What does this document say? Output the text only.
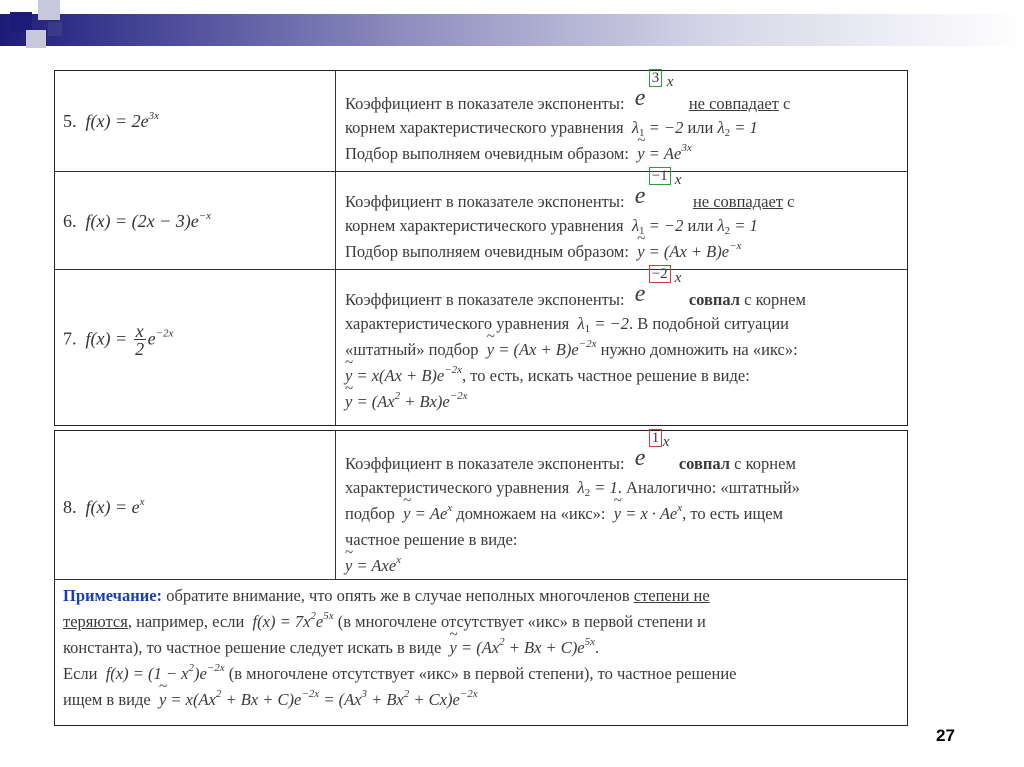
5. $f(x) = 2e^{3x}$
Коэффициент в показателе экспоненты: e
3 x
не совпадает с
корнем характеристического уравнения $\lambda_1 = -2$ или $\lambda_2 = 1$
Подбор выполняем очевидным образом: ~ $y = Ae^{3x}$
6. $f(x) = (2x - 3)e^{-x}$
Коэффициент в показателе экспоненты: e
−1 x
не совпадает с
корнем характеристического уравнения $\lambda_1 = -2$ или $\lambda_2 = 1$
Подбор выполняем очевидным образом: ~ $y = (Ax + B)e^{-x}$
7. $f(x) = \frac{x}{2} e^{-2x}$
Коэффициент в показателе экспоненты: e
−2 x
совпал с корнем
характеристического уравнения $\lambda_1 = -2$. В подобной ситуации
«штатный» подбор ~ $y = (Ax + B)e^{-2x}$ нужно домножить на «икс»:
~ $y = x(Ax + B)e^{-2x}$, то есть, искать частное решение в виде:
~ $y = (Ax^2 + Bx)e^{-2x}$
8. $f(x) = e^x$
Коэффициент в показателе экспоненты: e
1 x
совпал с корнем
характеристического уравнения $\lambda_2 = 1$. Аналогично: «штатный»
подбор ~ $y = Ae^x$ домножаем на «икс»: ~ $y = x \cdot Ae^x$, то есть ищем
частное решение в виде:
~ y = Axe$^x$
Примечание: обратите внимание, что опять же в случае неполных многочленов степени не
теряются, например, если $f(x) = 7x^2e^{5x}$ (в многочлене отсутствует «икс» в первой степени и
константа), то частное решение следует искать в виде ~ $y = (Ax^2 + Bx + C)e^{5x}$.
Если $f(x) = (1 - x^2)e^{-2x}$ (в многочлене отсутствует «икс» в первой степени), то частное решение
ищем в виде ~ $y = x(Ax^2 + Bx + C)e^{-2x} = (Ax^3 + Bx^2 + Cx)e^{-2x}$
27
